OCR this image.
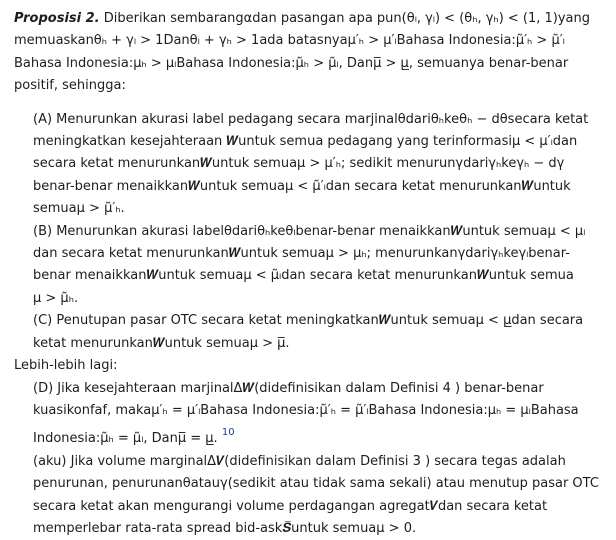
Proposisi 2. Diberikan sembarangαdan pasangan apa pun(θₗ, γₗ) < (θₕ, γₕ) < (1, 1)yang
memuaskanθₕ + γₗ > 1Danθₗ + γₕ > 1ada batasnyaμ′ₕ > μ′ₗBahasa Indonesia:μ̃′ₕ > μ̃′ₗ
Bahasa Indonesia:μₕ > μₗBahasa Indonesia:μ̃ₕ > μ̃ₗ, Danμ̅ > μ̲, semuanya benar-benar
positif, sehingga:
(A) Menurunkan akurasi label pedagang secara marjinalθdariθₕkeθₕ − dθsecara ketat
meningkatkan kesejahteraan 𝑾untuk semua pedagang yang terinformasiμ < μ′ₗdan
secara ketat menurunkan𝑾untuk semuaμ > μ′ₕ; sedikit menurunγdariγₕkeγₕ − dγ
benar-benar menaikkan𝑾untuk semuaμ < μ̃′ₗdan secara ketat menurunkan𝑾untuk
semuaμ > μ̃′ₕ.
(B) Menurunkan akurasi labelθdariθₕkeθₗbenar-benar menaikkan𝑾untuk semuaμ < μₗ
dan secara ketat menurunkan𝑾untuk semuaμ > μₕ; menurunkanγdariγₕkeγₗbenar-
benar menaikkan𝑾untuk semuaμ < μ̃ₗdan secara ketat menurunkan𝑾untuk semua
μ > μ̃ₕ.
(C) Penutupan pasar OTC secara ketat meningkatkan𝑾untuk semuaμ < μ̲dan secara
ketat menurunkan𝑾untuk semuaμ > μ̅.
Lebih-lebih lagi:
(D) Jika kesejahteraan marjinalΔ𝑾(didefinisikan dalam Definisi 4 ) benar-benar
kuasikonfaf, makaμ′ₕ = μ′ₗBahasa Indonesia:μ̃′ₕ = μ̃′ₗBahasa Indonesia:μₕ = μₗBahasa
Indonesia:μ̃ₕ = μ̃ₗ, Danμ̅ = μ̲. $^{10}$
(aku) Jika volume marginalΔ𝑽(didefinisikan dalam Definisi 3 ) secara tegas adalah
penurunan, penurunanθatauγ(sedikit atau tidak sama sekali) atau menutup pasar OTC
secara ketat akan mengurangi volume perdagangan agregat𝑽dan secara ketat
memperlebar rata-rata spread bid-ask𝑺̅untuk semuaμ > 0.
